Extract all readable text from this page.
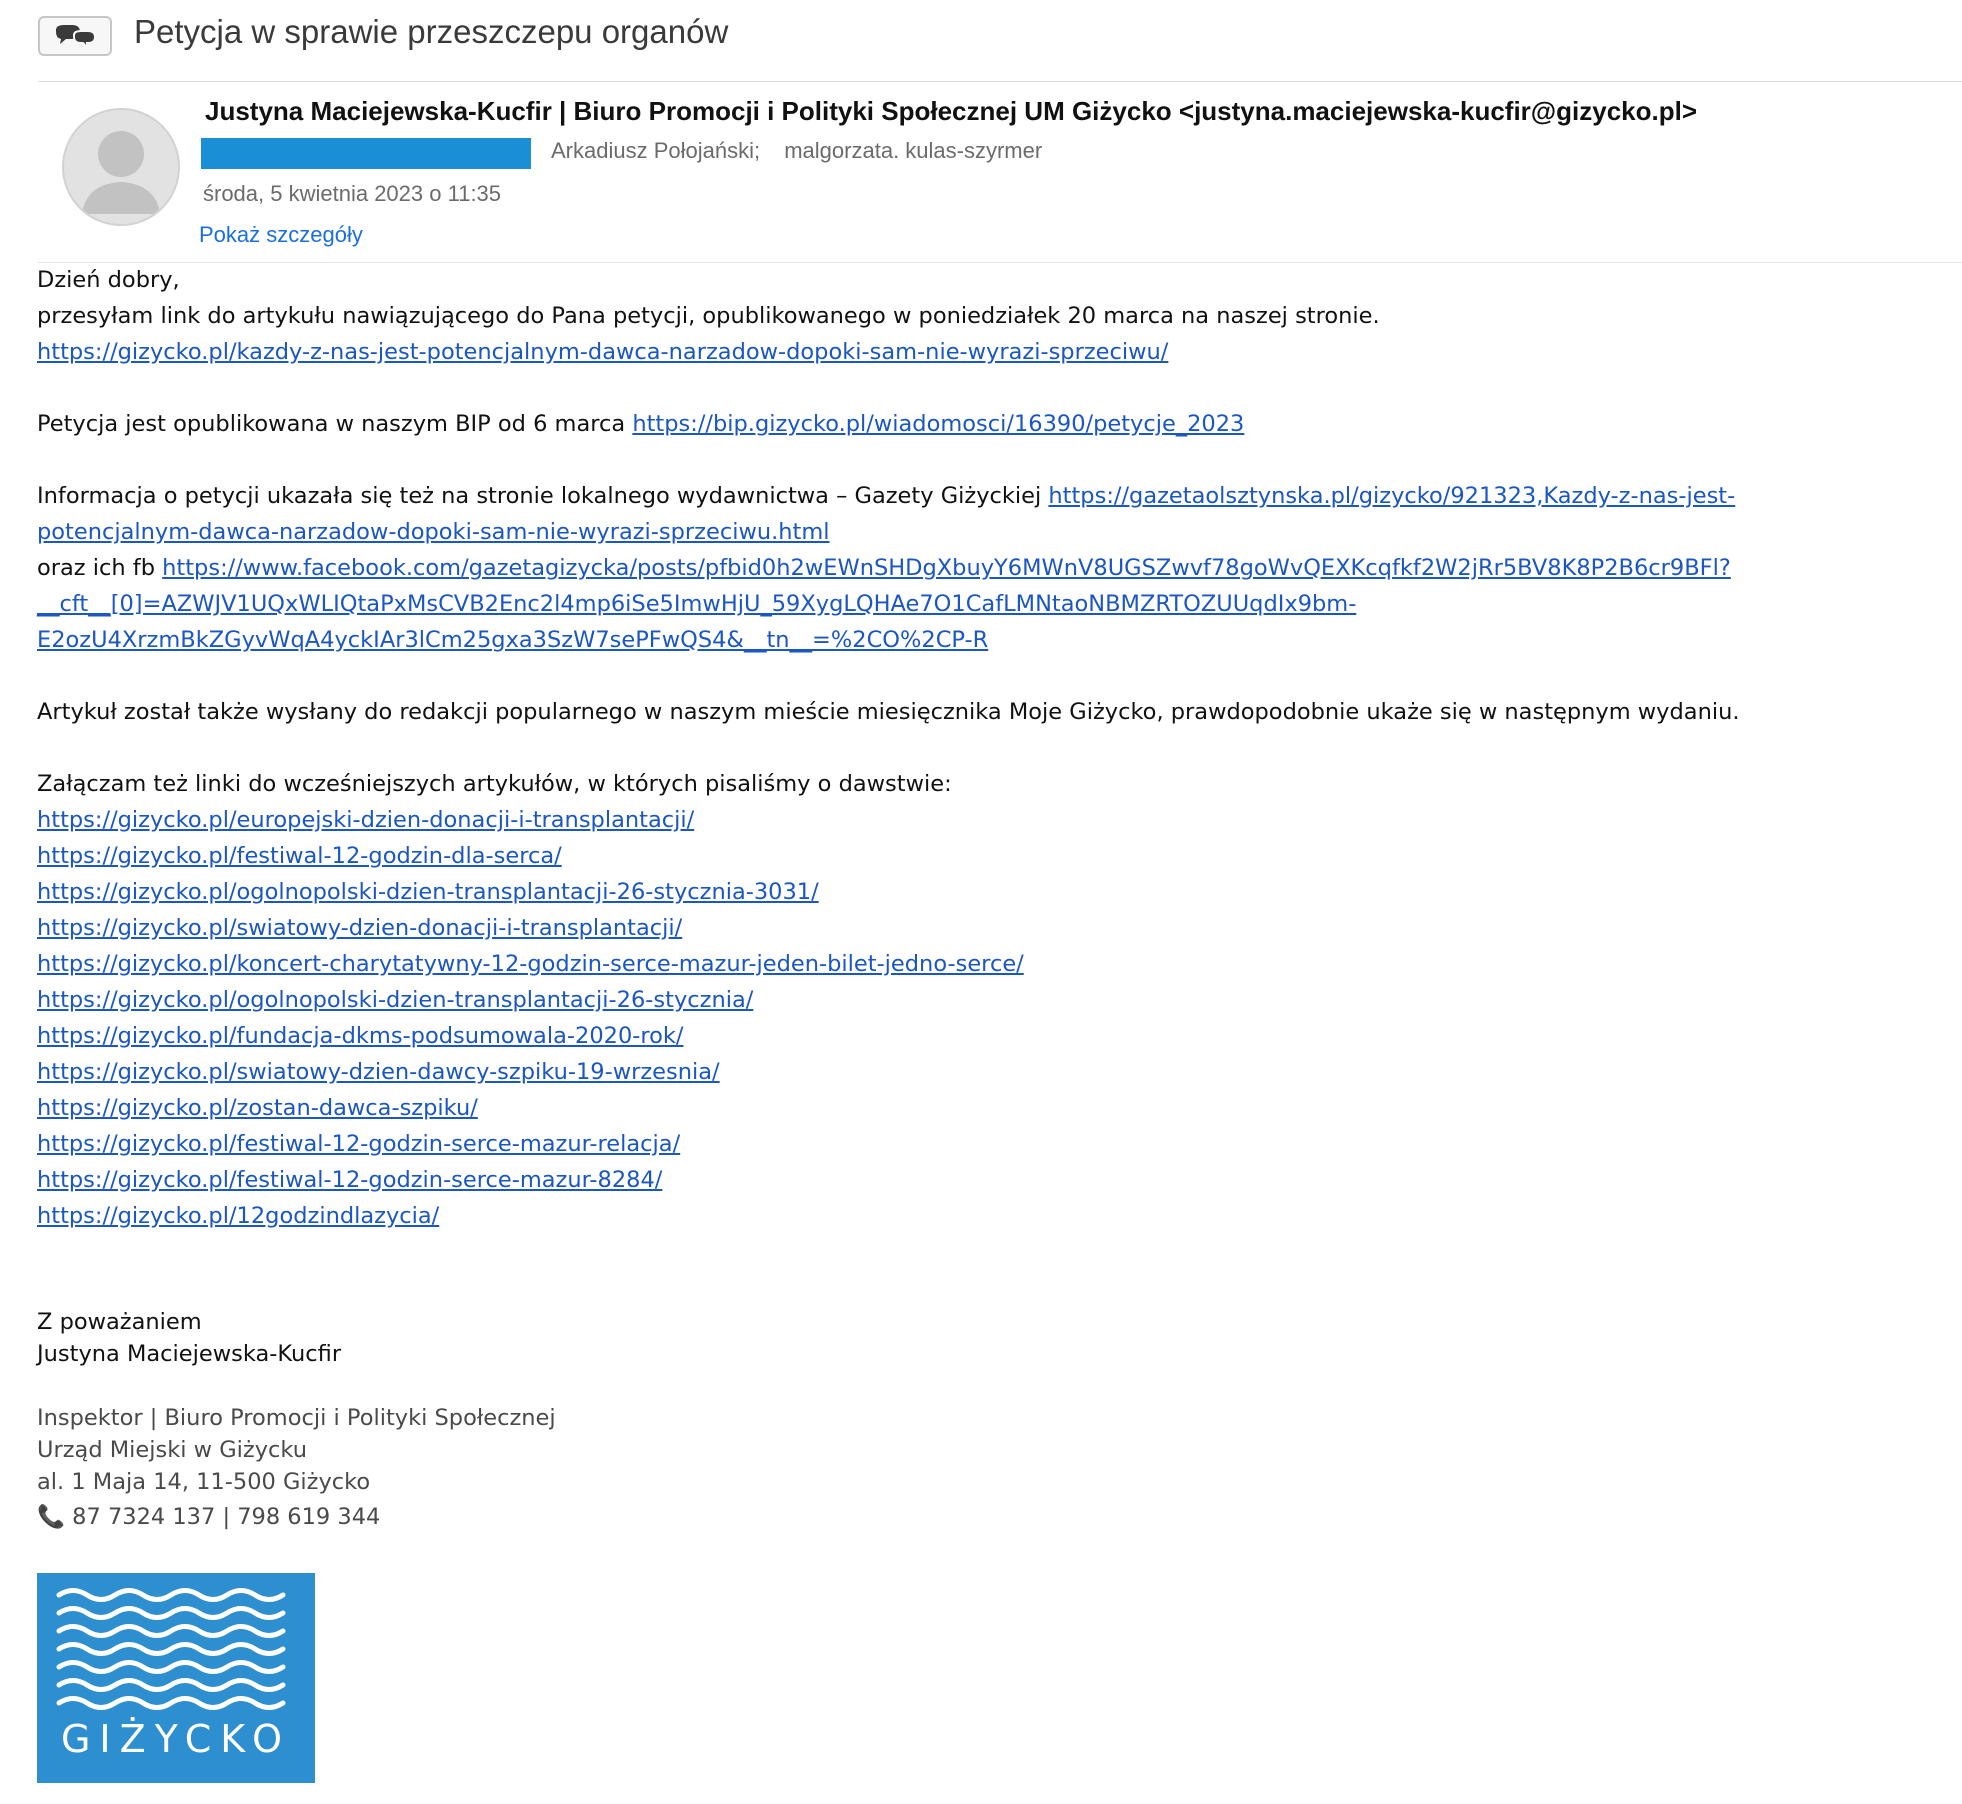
Petycja w sprawie przeszczepu organów
Justyna Maciejewska-Kucfir | Biuro Promocji i Polityki Społecznej UM Giżycko <justyna.maciejewska-kucfir@gizycko.pl>
Arkadiusz Połojański; malgorzata. kulas-szyrmer
środa, 5 kwietnia 2023 o 11:35
Pokaż szczegóły

Dzień dobry,

przesyłam link do artykułu nawiązującego do Pana petycji, opublikowanego w poniedziałek 20 marca na naszej stronie.

https://gizycko.pl/kazdy-z-nas-jest-potencjalnym-dawca-narzadow-dopoki-sam-nie-wyrazi-sprzeciwu/

Petycja jest opublikowana w naszym BIP od 6 marca https://bip.gizycko.pl/wiadomosci/16390/petycje_2023

Informacja o petycji ukazała się też na stronie lokalnego wydawnictwa – Gazety Giżyckiej https://gazetaolsztynska.pl/gizycko/921323,Kazdy-z-nas-jest-

potencjalnym-dawca-narzadow-dopoki-sam-nie-wyrazi-sprzeciwu.html

oraz ich fb https://www.facebook.com/gazetagizycka/posts/pfbid0h2wEWnSHDgXbuyY6MWnV8UGSZwvf78goWvQEXKcqfkf2W2jRr5BV8K8P2B6cr9BFl?

__cft__[0]=AZWJV1UQxWLIQtaPxMsCVB2Enc2l4mp6iSe5ImwHjU_59XygLQHAe7O1CafLMNtaoNBMZRTOZUUqdIx9bm-

E2ozU4XrzmBkZGyvWqA4yckIAr3lCm25gxa3SzW7sePFwQS4&__tn__=%2CO%2CP-R

Artykuł został także wysłany do redakcji popularnego w naszym mieście miesięcznika Moje Giżycko, prawdopodobnie ukaże się w następnym wydaniu.

Załączam też linki do wcześniejszych artykułów, w których pisaliśmy o dawstwie:

https://gizycko.pl/europejski-dzien-donacji-i-transplantacji/

https://gizycko.pl/festiwal-12-godzin-dla-serca/

https://gizycko.pl/ogolnopolski-dzien-transplantacji-26-stycznia-3031/

https://gizycko.pl/swiatowy-dzien-donacji-i-transplantacji/

https://gizycko.pl/koncert-charytatywny-12-godzin-serce-mazur-jeden-bilet-jedno-serce/

https://gizycko.pl/ogolnopolski-dzien-transplantacji-26-stycznia/

https://gizycko.pl/fundacja-dkms-podsumowala-2020-rok/

https://gizycko.pl/swiatowy-dzien-dawcy-szpiku-19-wrzesnia/

https://gizycko.pl/zostan-dawca-szpiku/

https://gizycko.pl/festiwal-12-godzin-serce-mazur-relacja/

https://gizycko.pl/festiwal-12-godzin-serce-mazur-8284/

https://gizycko.pl/12godzindlazycia/

Z poważaniem

Justyna Maciejewska-Kucfir

Inspektor | Biuro Promocji i Polityki Społecznej

Urząd Miejski w Giżycku

al. 1 Maja 14, 11-500 Giżycko

📞 87 7324 137 | 798 619 344

GIŻYCKO
